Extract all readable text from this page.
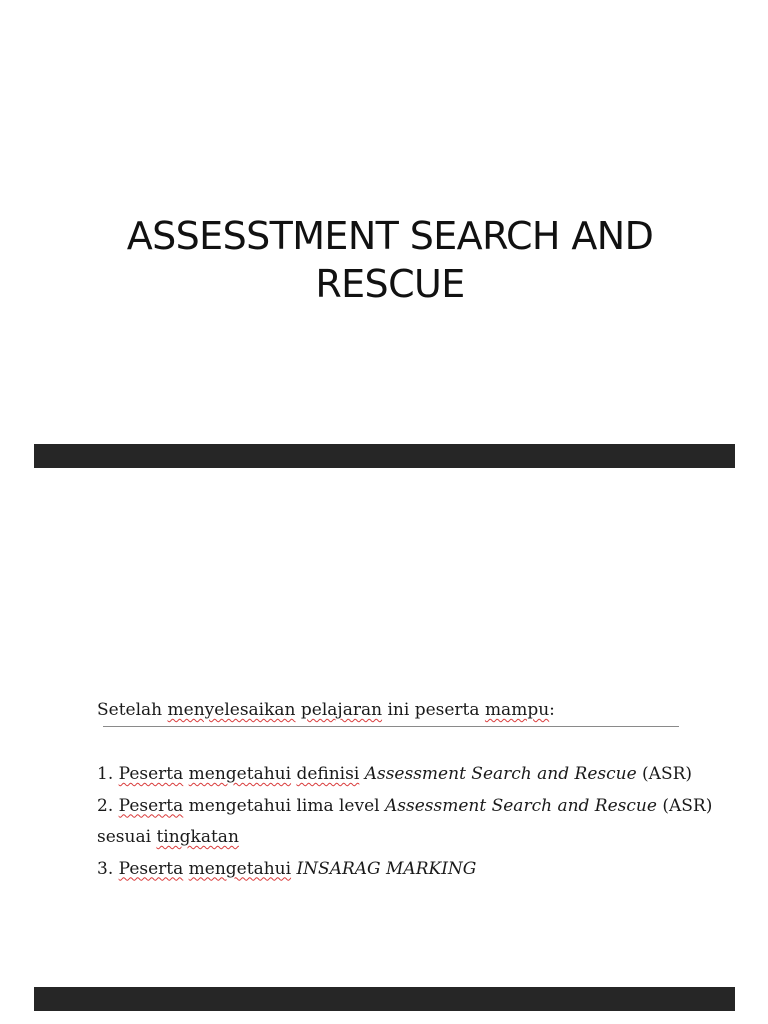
ASSESSTMENT SEARCH AND
RESCUE
Setelah menyelesaikan pelajaran ini peserta mampu:
1. Peserta mengetahui definisi Assessment Search and Rescue (ASR)
2. Peserta mengetahui lima level Assessment Search and Rescue (ASR)
sesuai tingkatan
3. Peserta mengetahui INSARAG MARKING
